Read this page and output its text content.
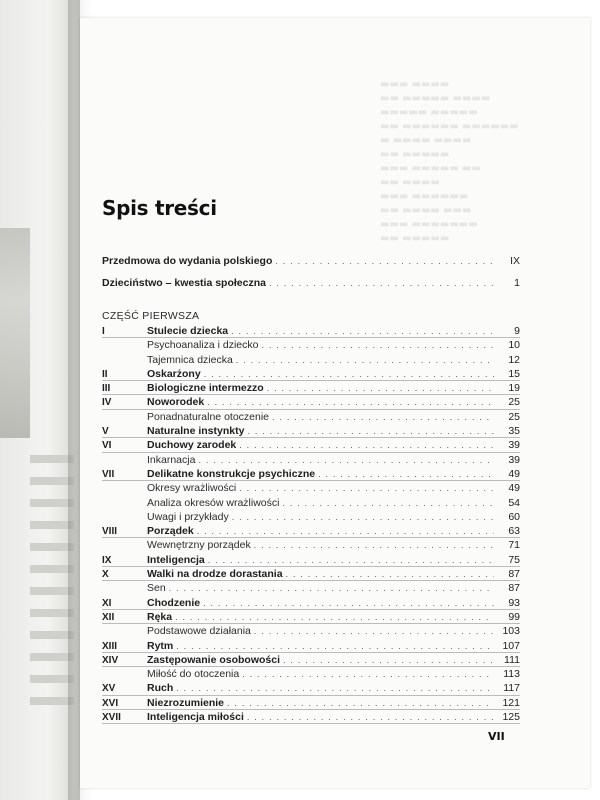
▬▬▬ ▬▬▬▬
▬▬ ▬▬▬▬▬ ▬▬▬▬
▬▬▬▬▬ ▬▬▬▬▬
▬▬ ▬▬▬▬▬▬ ▬▬▬▬▬▬
▬ ▬▬▬▬ ▬▬▬▬
▬▬ ▬▬▬▬▬
▬▬▬ ▬▬▬▬▬ ▬▬
▬▬ ▬▬▬▬
▬▬▬ ▬▬▬▬▬▬
▬▬ ▬▬▬▬ ▬▬▬
▬▬▬ ▬▬▬▬▬▬▬
▬▬ ▬▬▬▬▬
Spis treści
Przedmowa do wydania polskiego . . .	IX
Dzieciństwo – kwestia społeczna . . .	1
CZĘŚĆ PIERWSZA
I	Stulecie dziecka . . .	9
Psychoanaliza i dziecko . . .	10
Tajemnica dziecka . . .	12
II	Oskarżony . . .	15
III	Biologiczne intermezzo . . .	19
IV	Noworodek . . .	25
Ponadnaturalne otoczenie . . .	25
V	Naturalne instynkty . . .	35
VI	Duchowy zarodek . . .	39
Inkarnacja . . .	39
VII	Delikatne konstrukcje psychiczne . . .	49
Okresy wrażliwości . . .	49
Analiza okresów wrażliwości . . .	54
Uwagi i przykłady . . .	60
VIII	Porządek . . .	63
Wewnętrzny porządek . . .	71
IX	Inteligencja . . .	75
X	Walki na drodze dorastania . . .	87
Sen . . .	87
XI	Chodzenie . . .	93
XII	Ręka . . .	99
Podstawowe działania . . .	103
XIII	Rytm . . .	107
XIV	Zastępowanie osobowości . . .	111
Miłość do otoczenia . . .	113
XV	Ruch . . .	117
XVI	Niezrozumienie . . .	121
XVII	Inteligencja miłości . . .	125
VII
